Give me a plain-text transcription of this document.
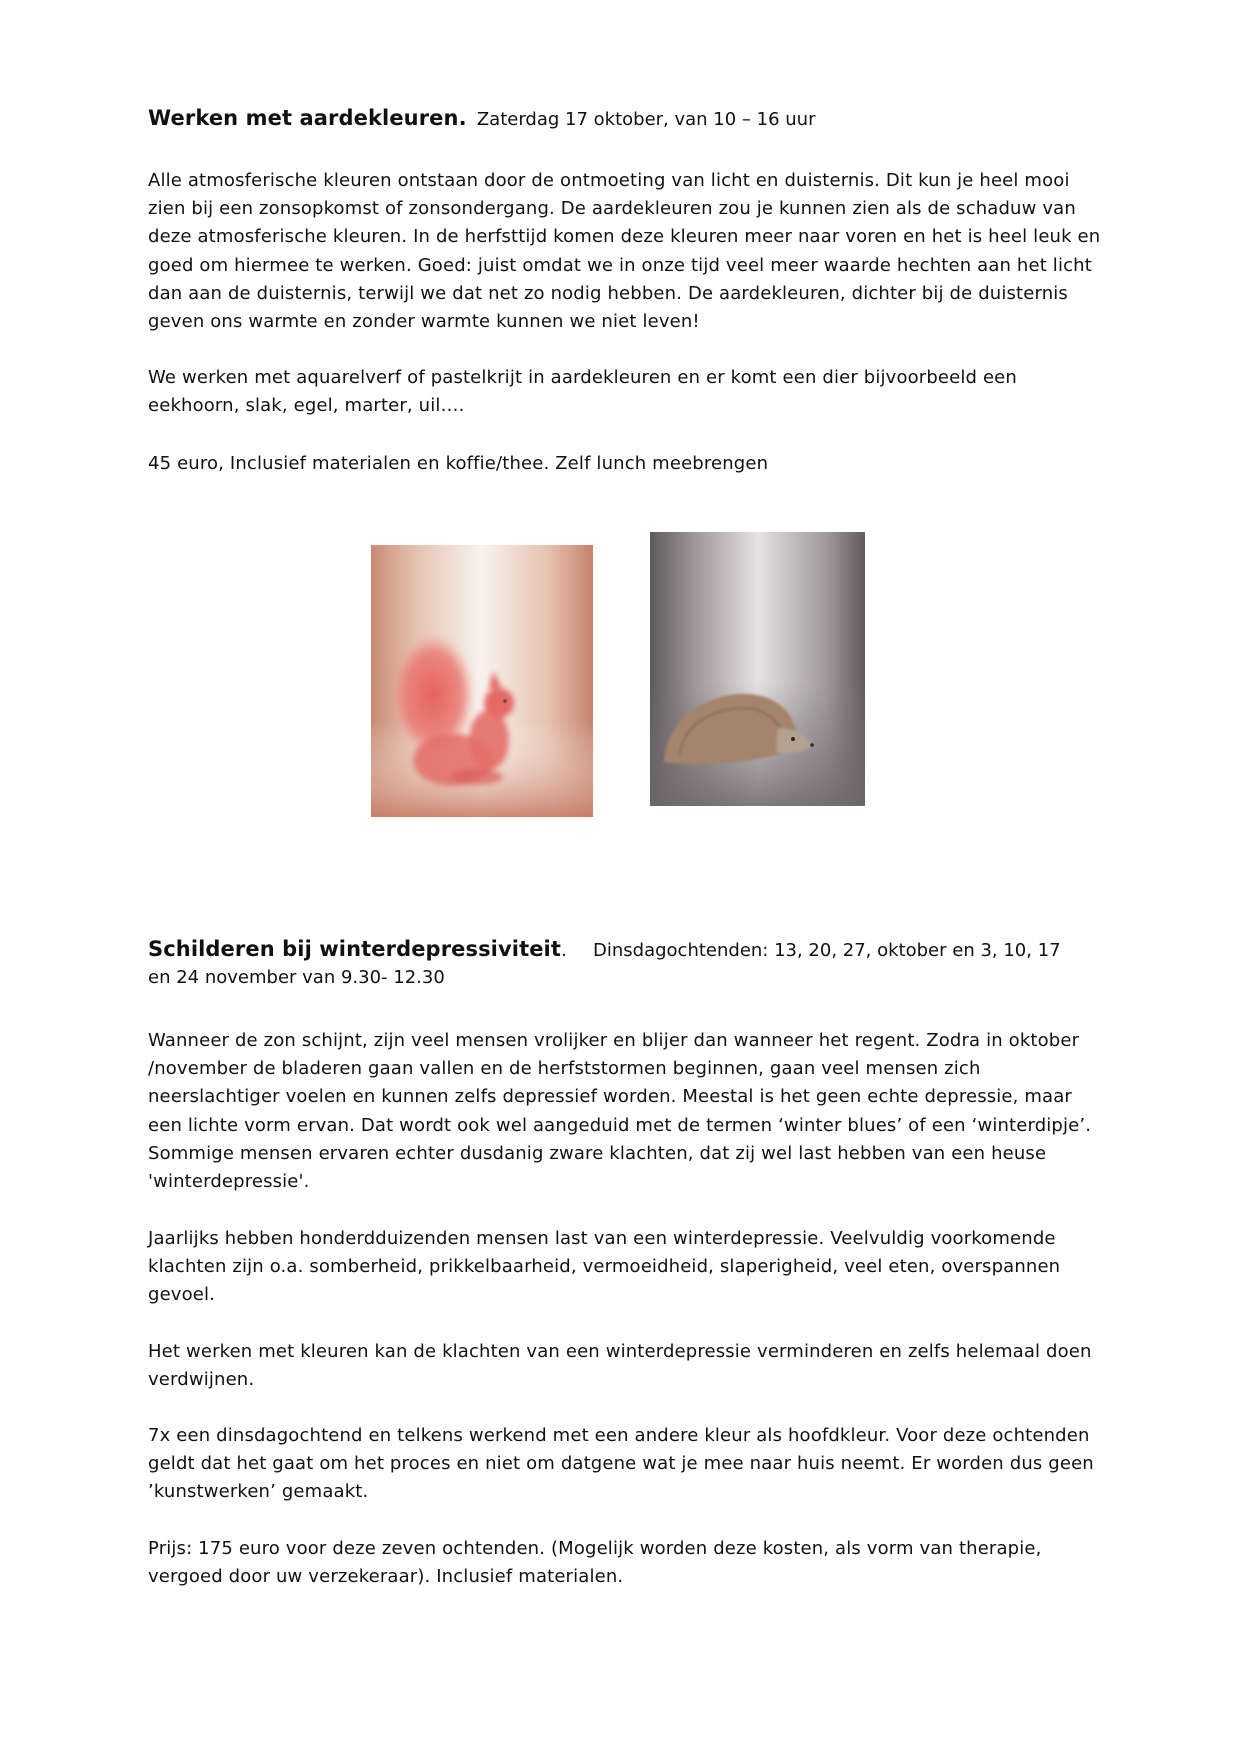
Werken met aardekleuren. Zaterdag 17 oktober, van 10 – 16 uur

Alle atmosferische kleuren ontstaan door de ontmoeting van licht en duisternis. Dit kun je heel mooi zien bij een zonsopkomst of zonsondergang. De aardekleuren zou je kunnen zien als de schaduw van deze atmosferische kleuren. In de herfsttijd komen deze kleuren meer naar voren en het is heel leuk en goed om hiermee te werken. Goed: juist omdat we in onze tijd veel meer waarde hechten aan het licht dan aan de duisternis, terwijl we dat net zo nodig hebben. De aardekleuren, dichter bij de duisternis geven ons warmte en zonder warmte kunnen we niet leven!

We werken met aquarelverf of pastelkrijt in aardekleuren en er komt een dier bijvoorbeeld een eekhoorn, slak, egel, marter, uil….

45 euro, Inclusief materialen en koffie/thee. Zelf lunch meebrengen

Schilderen bij winterdepressiviteit. Dinsdagochtenden: 13, 20, 27, oktober en 3, 10, 17
en 24 november van 9.30- 12.30

Wanneer de zon schijnt, zijn veel mensen vrolijker en blijer dan wanneer het regent. Zodra in oktober /november de bladeren gaan vallen en de herfststormen beginnen, gaan veel mensen zich neerslachtiger voelen en kunnen zelfs depressief worden. Meestal is het geen echte depressie, maar een lichte vorm ervan. Dat wordt ook wel aangeduid met de termen ‘winter blues’ of een ‘winterdipje’. Sommige mensen ervaren echter dusdanig zware klachten, dat zij wel last hebben van een heuse 'winterdepressie'.

Jaarlijks hebben honderdduizenden mensen last van een winterdepressie. Veelvuldig voorkomende klachten zijn o.a. somberheid, prikkelbaarheid, vermoeidheid, slaperigheid, veel eten, overspannen gevoel.

Het werken met kleuren kan de klachten van een winterdepressie verminderen en zelfs helemaal doen verdwijnen.

7x een dinsdagochtend en telkens werkend met een andere kleur als hoofdkleur. Voor deze ochtenden geldt dat het gaat om het proces en niet om datgene wat je mee naar huis neemt. Er worden dus geen ’kunstwerken’ gemaakt.

Prijs: 175 euro voor deze zeven ochtenden. (Mogelijk worden deze kosten, als vorm van therapie, vergoed door uw verzekeraar). Inclusief materialen.
